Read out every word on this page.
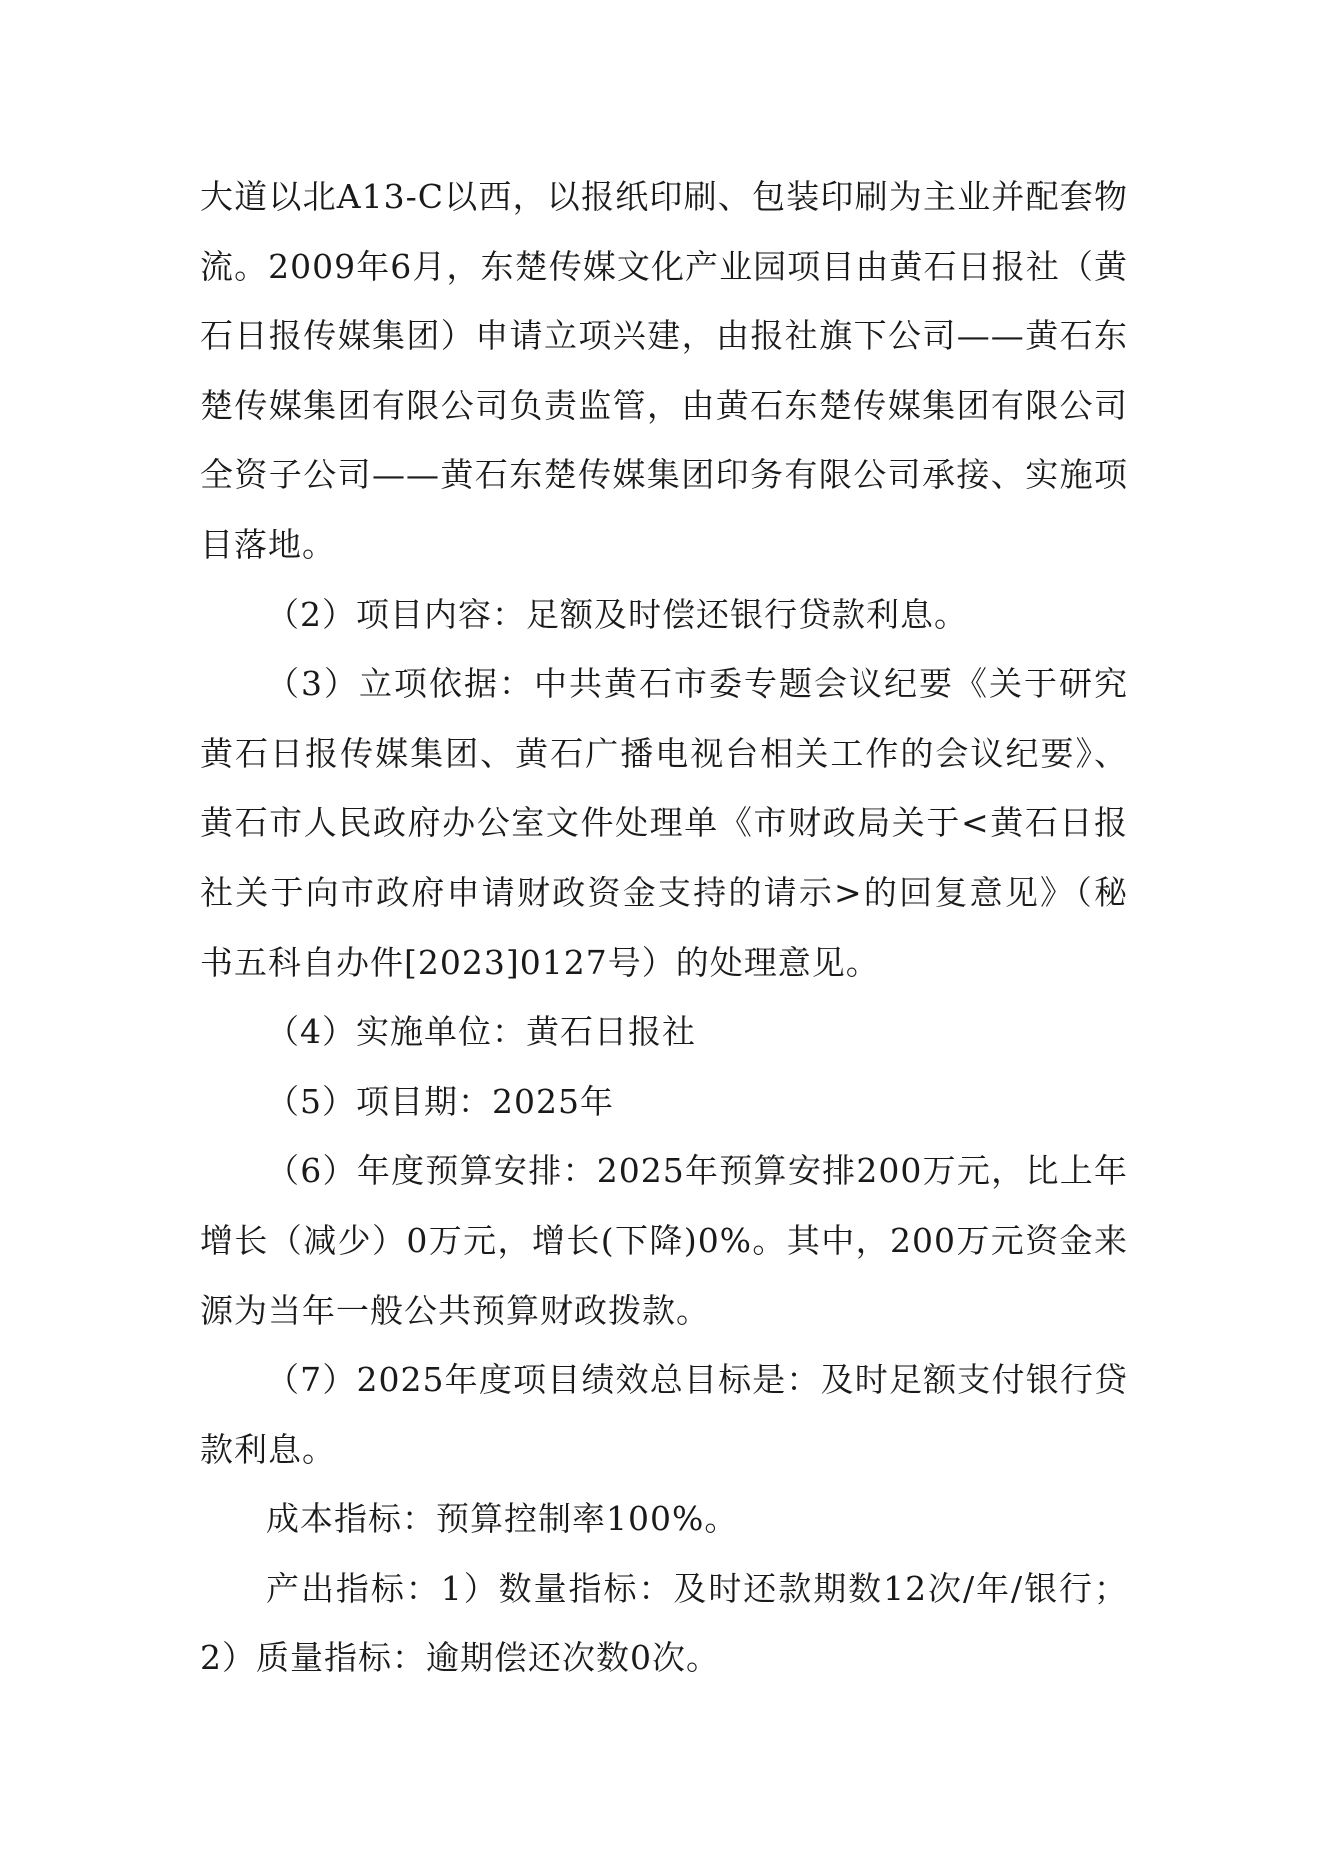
大道以北A13-C以西，以报纸印刷、包装印刷为主业并配套物流。2009年6月，东楚传媒文化产业园项目由黄石日报社（黄石日报传媒集团）申请立项兴建，由报社旗下公司——黄石东楚传媒集团有限公司负责监管，由黄石东楚传媒集团有限公司全资子公司——黄石东楚传媒集团印务有限公司承接、实施项目落地。

（2）项目内容：足额及时偿还银行贷款利息。

（3）立项依据：中共黄石市委专题会议纪要《关于研究黄石日报传媒集团、黄石广播电视台相关工作的会议纪要》、黄石市人民政府办公室文件处理单《市财政局关于<黄石日报社关于向市政府申请财政资金支持的请示>的回复意见》（秘书五科自办件[2023]0127号）的处理意见。

（4）实施单位：黄石日报社

（5）项目期：2025年

（6）年度预算安排：2025年预算安排200万元，比上年增长（减少）0万元，增长(下降)0%。其中，200万元资金来源为当年一般公共预算财政拨款。

（7）2025年度项目绩效总目标是：及时足额支付银行贷款利息。

成本指标：预算控制率100%。

产出指标：1）数量指标：及时还款期数12次/年/银行；2）质量指标：逾期偿还次数0次。
